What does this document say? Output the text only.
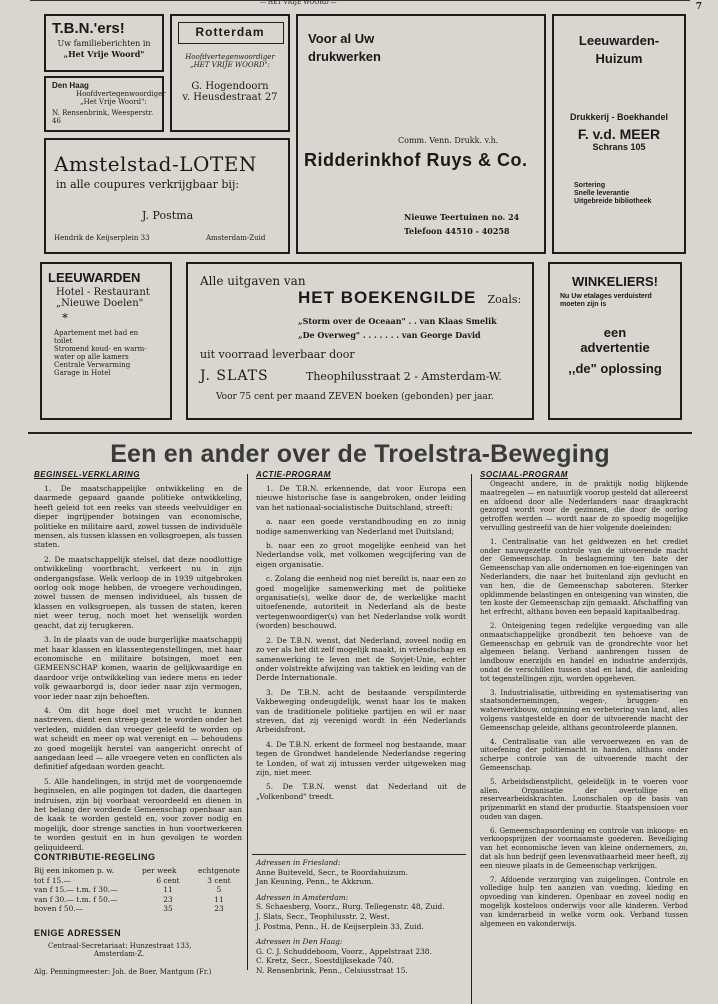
— HET VRIJE WOORD —	7
T.B.N.'ers!
Uw familieberichten in
„Het Vrije Woord"
Den Haag
Hoofdvertegenwoordiger
„Het Vrije Woord":
N. Rensenbrink, Weesperstr. 46
Rotterdam
Hoofdvertegenwoordiger
„HET VRIJE WOORD":
G. Hogendoorn
v. Heusdestraat 27
Voor al Uw
drukwerken
Comm. Venn. Drukk. v.h.
Ridderinkhof Ruys & Co.
Nieuwe Teertuinen no. 24
Telefoon 44510 - 40258
Leeuwarden-
Huizum
Drukkerij - Boekhandel
F. v.d. MEER
Schrans 105
Sortering
Snelle leverantie
Uitgebreide bibliotheek
Amstelstad-LOTEN
in alle coupures verkrijgbaar bij:
J. Postma
Hendrik de Keijserplein 33	Amsterdam-Zuid
LEEUWARDEN
Hotel - Restaurant
„Nieuwe Doelen"
*
Apartement met bad en
toilet
Stromend koud- en warm-
water op alle kamers
Centrale Verwarming
Garage in Hotel
Alle uitgaven van
HET BOEKENGILDE Zoals:
„Storm over de Oceaan" . . van Klaas Smelik
„De Overweg" . . . . . . . van George David
uit voorraad leverbaar door
J. SLATS	Theophilusstraat 2 - Amsterdam-W.
Voor 75 cent per maand ZEVEN boeken (gebonden) per jaar.
WINKELIERS!
Nu Uw etalages verduisterd
moeten zijn is
een
advertentie
,,de" oplossing
Een en ander over de Troelstra-Beweging
BEGINSEL-VERKLARING	ACTIE-PROGRAM	SOCIAAL-PROGRAM

1. De maatschappelijke ontwikkeling en de daarmede gepaard gaande politieke ontwikkeling, heeft geleid tot een reeks van steeds veelvuldiger en dieper ingrijpender botsingen van economische, politieke en militaire aard, zowel tussen de individuële mensen, als tussen klassen en volksgroepen, als tussen staten.

2. De maatschappelijk stelsel, dat deze noodlottige ontwikkeling voortbracht, verkeert nu in zijn ondergangsfase. Welk verloop de in 1939 uitgebroken oorlog ook moge hebben, de vroegere verhoudingen, zowel tussen de mensen individueel, als tussen de klassen en volksgroepen, als tussen de staten, keren niet weer terug, noch moet het wenselijk worden geacht, dat zij terugkeren.

3. In de plaats van de oude burgerlijke maatschappij met haar klassen en klassentegenstellingen, met haar economische en militaire botsingen, moet een GEMEENSCHAP komen, waarin de gelijkwaardige en daardoor vrije ontwikkeling van iedere mens en ieder volk gewaarborgd is, door ieder naar zijn vermogen, voor ieder naar zijn behoeften.

4. Om dit hoge doel met vrucht te kunnen nastreven, dient een streep gezet te worden onder het verleden, midden dan vroeger geleefd te worden op wat scheidt en meer op wat verenigt en — behoudens zo goed mogelijk herstel van aangericht onrecht of aangedaan leed — alle vroegere veten en conflicten als definitief afgedaan worden geacht.

5. Alle handelingen, in strijd met de voorgenoemde beginselen, en alle pogingen tot daden, die daartegen indruisen, zijn bij voorbaat veroordeeld en dienen in het belang der wordende Gemeenschap openbaar aan de kaak te worden gesteld en, voor zover nodig en mogelijk, door strenge sancties in hun voortwerkeren te worden gestuit en in hun gevolgen te worden geliquideerd.

1. De T.B.N. erkennende, dat voor Europa een nieuwe historische fase is aangebroken, onder leiding van het nationaal-socialistische Duitschland, streeft:

a. naar een goede verstandhouding en zo innig nodige samenwerking van Nederland met Duitsland;

b. naar een zo groot mogelijke eenheid van het Nederlandse volk, met volkomen wegcijfering van de eigen organisatie.

c. Zolang die eenheid nog niet bereikt is, naar een zo goed mogelijke samenwerking met de politieke organisatie(s), welke door de, de werkelijke macht uitoefenende, autoriteit in Nederland als de beste vertegenwoordiger(s) van het Nederlandse volk wordt (worden) beschouwd.

2. De T.B.N. wenst, dat Nederland, zoveel nodig en zo ver als het dit zelf mogelijk maakt, in vriendschap en samenwerking te leven met de Sovjet-Unie, echter onder volstrekte afwijzing van taktiek en leiding van de Derde Internationale.

3. De T.B.N. acht de bestaande verspilinterde Vakbeweging ondeugdelijk, wenst haar los te maken van de traditionele politieke partijen en wil er naar streven, dat zij verenigd wordt in één Nederlands Arbeidsfront.

4. De T.B.N. erkent de formeel nog bestaande, maar tegen de Grondwet handelende Nederlandse regering te Londen, of wat zij intussen verder uitgeweken mag zijn, niet meer.

5. De T.B.N. wenst dat Nederland uit de „Volkenbond" treedt.

Ongeacht andere, in de praktijk nodig blijkende maatregelen — en natuurlijk voorop gesteld dat allereerst en afdoend door alle Nederlanders naar draagkracht gezorgd wordt voor de gezinnen, die door de oorlog getroffen werden — wordt naar de zo spoedig mogelijke vervulling gestreefd van de hier volgende doeleinden:

1. Centralisatie van het geldwezen en het crediet onder nauwgezette controle van de uitvoerende macht der Gemeenschap. In beslagneming ten bate der Gemeenschap van alle ondernomen en toe-eigeningen van Nederlanders, die naar het buitenland zijn gevlucht en van hen, die de Gemeenschap saboteren. Sterker opklimmende belastingen en onteigening van winsten, die ten koste der Gemeenschap zijn gemaakt. Afschaffing van het erfrecht, althans boven een bepaald kapitaalbedrag.

2. Onteigening tegen redelijke vergoeding van alle onmaatschappelijke grondbezit ten behoeve van de Gemeenschap en gebruik van de grondrechte voor het algemeen belang. Verband aanbrengen tussen de landbouw enerzijds en handel en industrie anderzijds, ondat de verschillen tussen stad en land, die aanleiding tot tegenstellingen zijn, worden opgeheven.

3. Industrialisatie, uitbreiding en systematisering van staatsondernemingen, wegen-, bruggen- en waterwerkbouw, ontginning en verbetering van land, alles volgens vastgestelde en door de uitvoerende macht der Gemeenschap geleide, althans gecontroleerde plannen.

4. Centralisatie van alle vervoerwezen en van de uitoefening der politiemacht in handen, althans onder scherpe controle van de uitvoerende macht der Gemeenschap.

5. Arbeidsdienstplicht, geleidelijk in te voeren voor allen. Organisatie der overtollige en reservearbeidskrachten. Loonschalen op de basis van prijzenmarkt en stand der productie. Staatspensioen voor ouden van dagen.

6. Gemeenschapsordening en controle van inkoops- en verkoopsprijzen der voornaamste goederen. Beveiliging van het economische leven van kleine ondernemers, zo, dat als hun bedrijf geen levensvatbaarheid meer heeft, zij een nieuwe plaats in de Gemeenschap verkrijgen.

7. Afdoende verzorging van zuigelingen. Controle en volledige hulp ten aanzien van voeding, kleding en opvoeding van kinderen. Openbaar en zoveel nodig en mogelijk kosteloos onderwijs voor alle kinderen. Verbod van kinderarbeid in welke vorm ook. Verband tussen algemeen en vakonderwijs.

CONTRIBUTIE-REGELING
Bij een inkomen p. w.	per week	echtgenote
tot f 15.—	6 cent	3 cent
van f 15.— t.m. f 30.—	11	5
van f 30.— t.m. f 50.—	23	11
boven f 50.—	35	23
ENIGE ADRESSEN
Centraal-Secretariaat: Hunzestraat 133,
Amsterdam-Z.
Alg. Penningmeester: Joh. de Boer, Mantgum (Fr.)
Adressen in Friesland:
Anne Buiteveld, Secr., te Roordahuizum.
Jan Keuning, Penn., te Akkrum.
Adressen in Amsterdam:
S. Schaesberg, Voorz., Burg. Tellegenstr. 48, Zuid.
J. Slats, Secr., Teophilusstr. 2, West.
J. Postma, Penn., H. de Keijserplein 33, Zuid.
Adressen in Den Haag:
G. C. J. Schuddeboom, Voorz., Appelstraat 238.
C. Kretz, Secr., Soestdijksekade 740.
N. Rensenbrink, Penn., Celsiusstraat 15.
